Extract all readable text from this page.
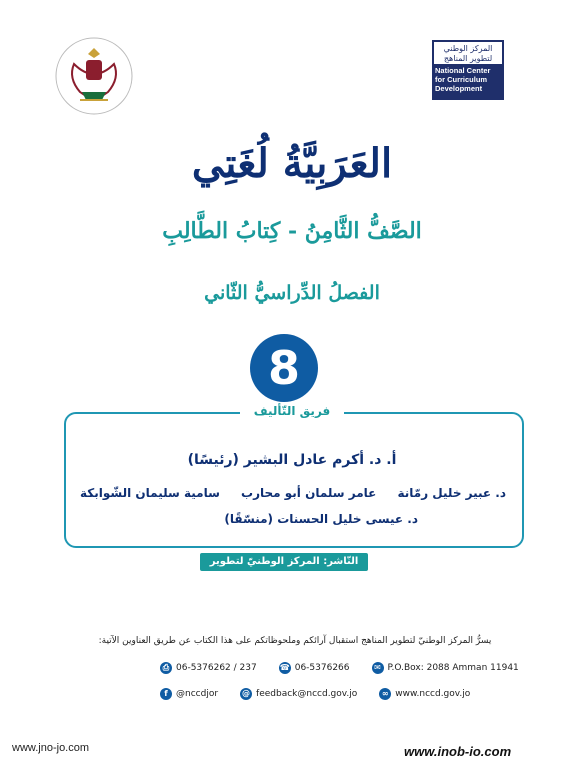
المركز الوطني لتطوير المناهج
National Center for Curriculum Development
العَرَبِيَّةُ لُغَتِي
الصَّفُّ الثَّامِنُ - كِتابُ الطَّالِبِ
الفصلُ الدِّراسيُّ الثّاني
8
فريق التّأليف
أ. د. أكرم عادل البشير (رئيسًا)
د. عبير خليل رمّانة
عامر سلمان أبو محارب
سامية سليمان الشّوابكة
د. عيسى خليل الحسنات (منسّقًا)
النّاشر: المركز الوطنيّ لتطوير المناهج
يسرُّ المركز الوطنيّ لتطوير المناهج استقبال آرائكم وملحوظاتكم على هذا الكتاب عن طريق العناوين الآتية:
⎙ 06-5376262 / 237	☎ 06-5376266	✉ P.O.Box: 2088 Amman 11941
f @nccdjor	@ feedback@nccd.gov.jo	∞ www.nccd.gov.jo
www.jno-jo.com	www.inob-io.com
